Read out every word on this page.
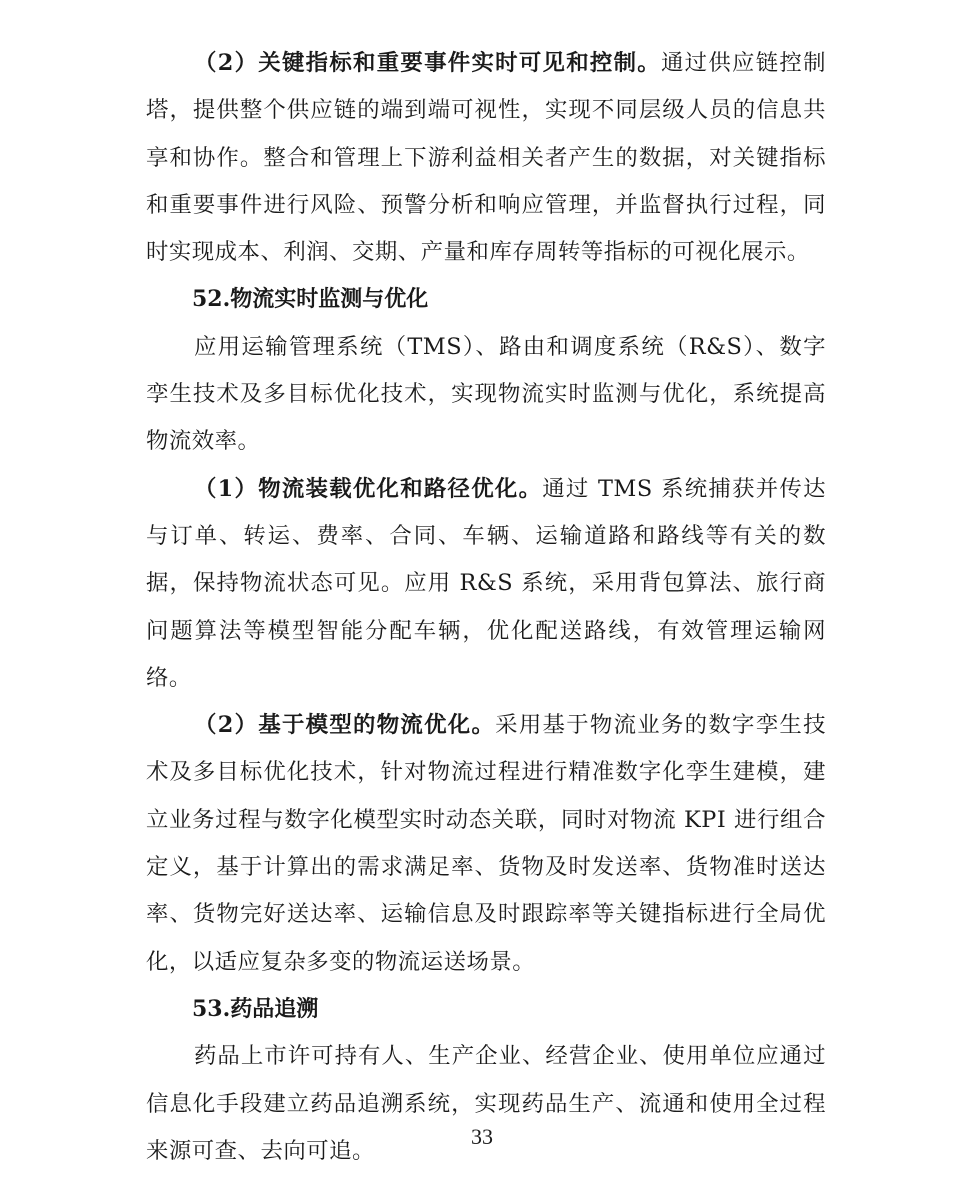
（2）关键指标和重要事件实时可见和控制。通过供应链控制塔，提供整个供应链的端到端可视性，实现不同层级人员的信息共享和协作。整合和管理上下游利益相关者产生的数据，对关键指标和重要事件进行风险、预警分析和响应管理，并监督执行过程，同时实现成本、利润、交期、产量和库存周转等指标的可视化展示。

52.物流实时监测与优化

应用运输管理系统（TMS）、路由和调度系统（R&S）、数字孪生技术及多目标优化技术，实现物流实时监测与优化，系统提高物流效率。

（1）物流装载优化和路径优化。通过 TMS 系统捕获并传达与订单、转运、费率、合同、车辆、运输道路和路线等有关的数据，保持物流状态可见。应用 R&S 系统，采用背包算法、旅行商问题算法等模型智能分配车辆，优化配送路线，有效管理运输网络。

（2）基于模型的物流优化。采用基于物流业务的数字孪生技术及多目标优化技术，针对物流过程进行精准数字化孪生建模，建立业务过程与数字化模型实时动态关联，同时对物流 KPI 进行组合定义，基于计算出的需求满足率、货物及时发送率、货物准时送达率、货物完好送达率、运输信息及时跟踪率等关键指标进行全局优化，以适应复杂多变的物流运送场景。

53.药品追溯

药品上市许可持有人、生产企业、经营企业、使用单位应通过信息化手段建立药品追溯系统，实现药品生产、流通和使用全过程来源可查、去向可追。

33
